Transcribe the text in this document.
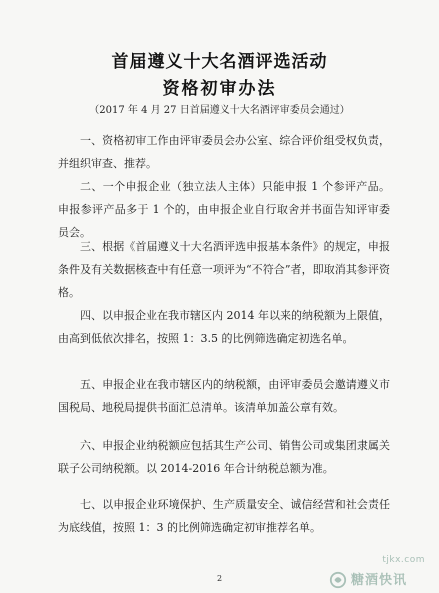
首届遵义十大名酒评选活动
资格初审办法
（2017 年 4 月 27 日首届遵义十大名酒评审委员会通过）
一、资格初审工作由评审委员会办公室、综合评价组受权负责，并组织审查、推荐。
二、一个申报企业（独立法人主体）只能申报 1 个参评产品。申报参评产品多于 1 个的，由申报企业自行取舍并书面告知评审委员会。
三、根据《首届遵义十大名酒评选申报基本条件》的规定，申报条件及有关数据核查中有任意一项评为“不符合”者，即取消其参评资格。
四、以申报企业在我市辖区内 2014 年以来的纳税额为上限值，由高到低依次排名，按照 1：3.5 的比例筛选确定初选名单。
五、申报企业在我市辖区内的纳税额，由评审委员会邀请遵义市国税局、地税局提供书面汇总清单。该清单加盖公章有效。
六、申报企业纳税额应包括其生产公司、销售公司或集团隶属关联子公司纳税额。以 2014-2016 年合计纳税总额为准。
七、以申报企业环境保护、生产质量安全、诚信经营和社会责任为底线值，按照 1：3 的比例筛选确定初审推荐名单。
2
tjkx.com
糖酒快讯
